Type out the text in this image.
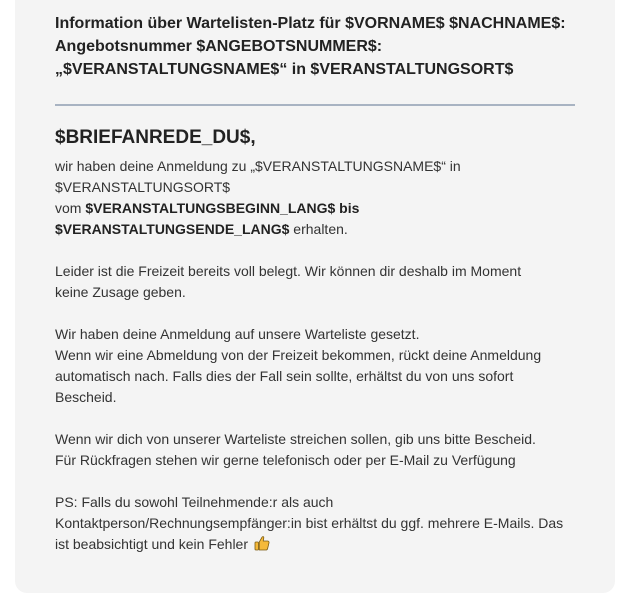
Information über Wartelisten-Platz für $VORNAME$ $NACHNAME$:
Angebotsnummer $ANGEBOTSNUMMER$:
„$VERANSTALTUNGSNAME$“ in $VERANSTALTUNGSORT$

$BRIEFANREDE_DU$,

wir haben deine Anmeldung zu „$VERANSTALTUNGSNAME$“ in
$VERANSTALTUNGSORT$
vom $VERANSTALTUNGSBEGINN_LANG$ bis
$VERANSTALTUNGSENDE_LANG$ erhalten.

Leider ist die Freizeit bereits voll belegt. Wir können dir deshalb im Moment
keine Zusage geben.

Wir haben deine Anmeldung auf unsere Warteliste gesetzt.
Wenn wir eine Abmeldung von der Freizeit bekommen, rückt deine Anmeldung
automatisch nach. Falls dies der Fall sein sollte, erhältst du von uns sofort
Bescheid.

Wenn wir dich von unserer Warteliste streichen sollen, gib uns bitte Bescheid.
Für Rückfragen stehen wir gerne telefonisch oder per E-Mail zu Verfügung

PS: Falls du sowohl Teilnehmende:r als auch
Kontaktperson/Rechnungsempfänger:in bist erhältst du ggf. mehrere E-Mails. Das
ist beabsichtigt und kein Fehler
